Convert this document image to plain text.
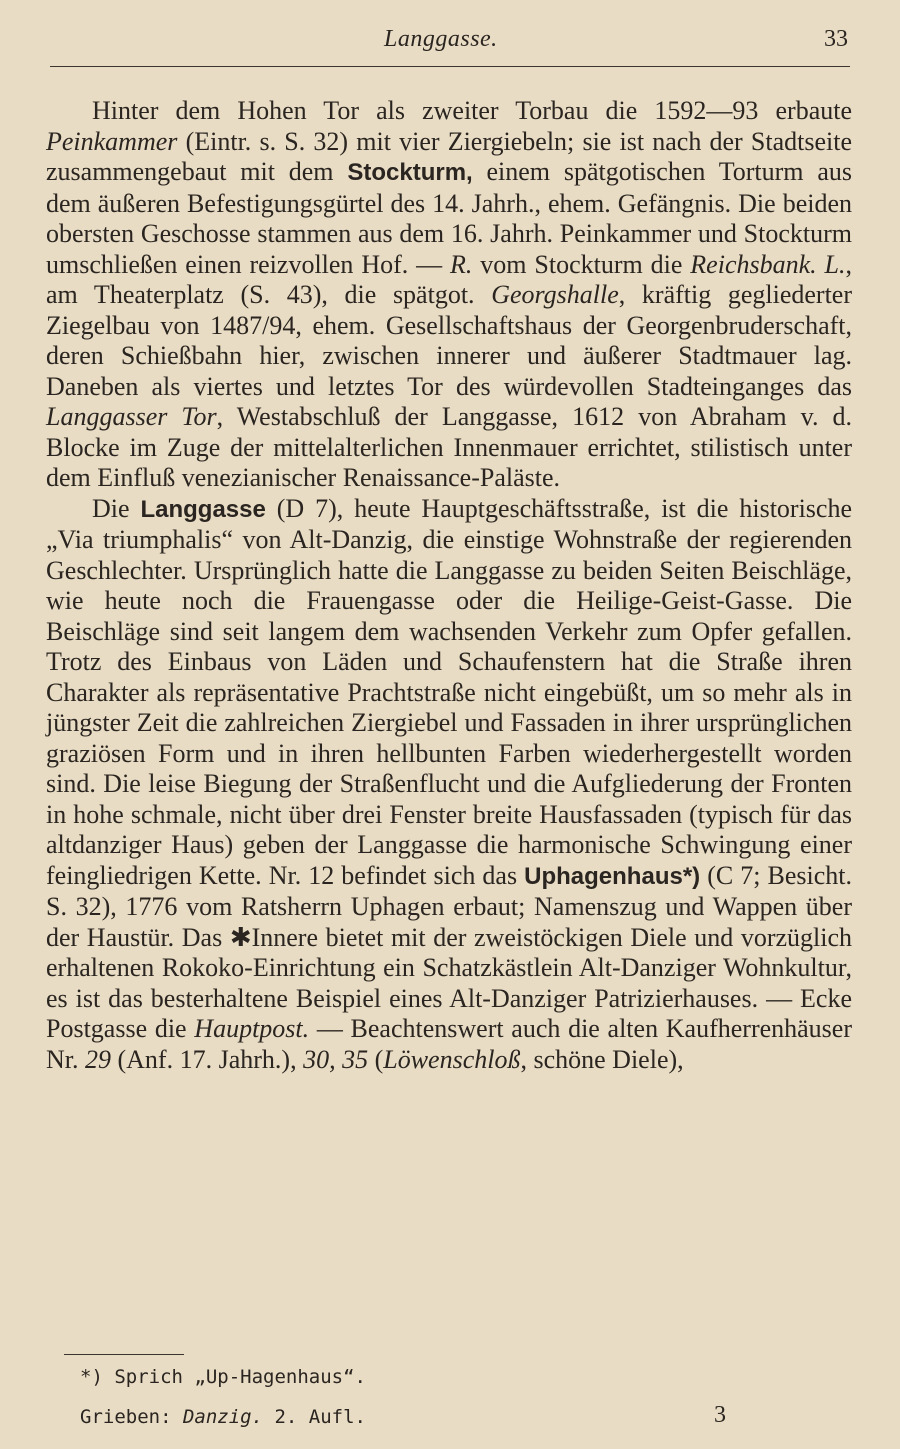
Langgasse.	33

Hinter dem Hohen Tor als zweiter Torbau die 1592—93 erbaute Peinkammer (Eintr. s. S. 32) mit vier Ziergiebeln; sie ist nach der Stadtseite zusammengebaut mit dem Stockturm, einem spätgotischen Torturm aus dem äußeren Befestigungsgürtel des 14. Jahrh., ehem. Gefängnis. Die beiden obersten Geschosse stammen aus dem 16. Jahrh. Peinkammer und Stockturm umschließen einen reizvollen Hof. — R. vom Stockturm die Reichsbank. L., am Theaterplatz (S. 43), die spätgot. Georgshalle, kräftig gegliederter Ziegelbau von 1487/94, ehem. Gesellschaftshaus der Georgenbruderschaft, deren Schießbahn hier, zwischen innerer und äußerer Stadtmauer lag. Daneben als viertes und letztes Tor des würdevollen Stadteinganges das Langgasser Tor, Westabschluß der Langgasse, 1612 von Abraham v. d. Blocke im Zuge der mittelalterlichen Innenmauer errichtet, stilistisch unter dem Einfluß venezianischer Renaissance-Paläste.

Die Langgasse (D 7), heute Hauptgeschäftsstraße, ist die historische „Via triumphalis“ von Alt-Danzig, die einstige Wohnstraße der regierenden Geschlechter. Ursprünglich hatte die Langgasse zu beiden Seiten Beischläge, wie heute noch die Frauengasse oder die Heilige-Geist-Gasse. Die Beischläge sind seit langem dem wachsenden Verkehr zum Opfer gefallen. Trotz des Einbaus von Läden und Schaufenstern hat die Straße ihren Charakter als repräsentative Prachtstraße nicht eingebüßt, um so mehr als in jüngster Zeit die zahlreichen Ziergiebel und Fassaden in ihrer ursprünglichen graziösen Form und in ihren hellbunten Farben wiederhergestellt worden sind. Die leise Biegung der Straßenflucht und die Aufgliederung der Fronten in hohe schmale, nicht über drei Fenster breite Hausfassaden (typisch für das altdanziger Haus) geben der Langgasse die harmonische Schwingung einer feingliedrigen Kette. Nr. 12 befindet sich das Uphagenhaus*) (C 7; Besicht. S. 32), 1776 vom Ratsherrn Uphagen erbaut; Namenszug und Wappen über der Haustür. Das ✱Innere bietet mit der zweistöckigen Diele und vorzüglich erhaltenen Rokoko-Einrichtung ein Schatzkästlein Alt-Danziger Wohnkultur, es ist das besterhaltene Beispiel eines Alt-Danziger Patrizierhauses. — Ecke Postgasse die Hauptpost. — Beachtenswert auch die alten Kaufherrenhäuser Nr. 29 (Anf. 17. Jahrh.), 30, 35 (Löwenschloß, schöne Diele),

*) Sprich „Up-Hagenhaus“.
Grieben: Danzig. 2. Aufl.	3
